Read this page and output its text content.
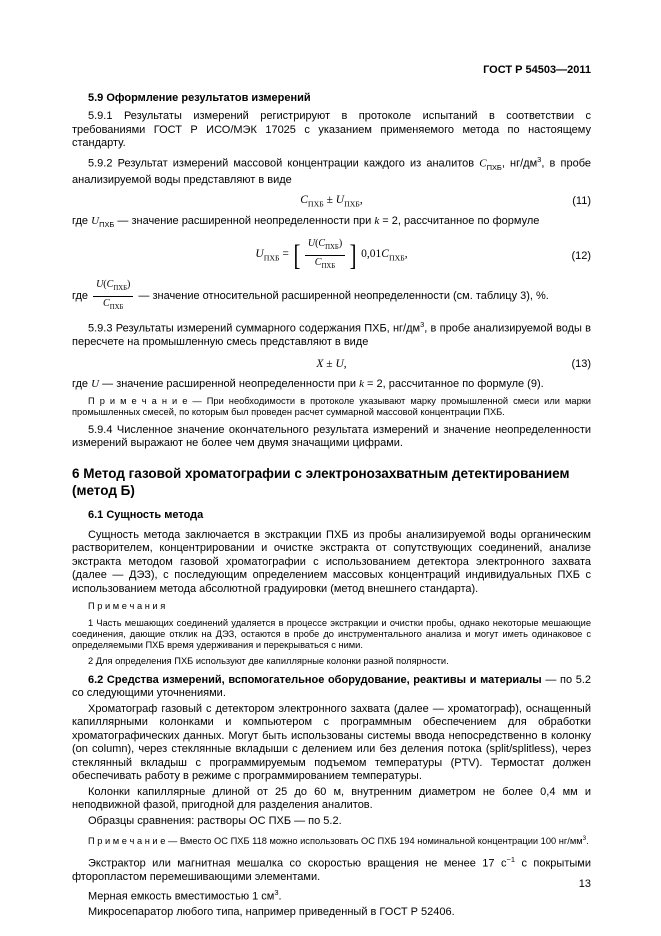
ГОСТ Р 54503—2011

5.9 Оформление результатов измерений

5.9.1 Результаты измерений регистрируют в протоколе испытаний в соответствии с требованиями ГОСТ Р ИСО/МЭК 17025 с указанием применяемого метода по настоящему стандарту.

5.9.2 Результат измерений массовой концентрации каждого из аналитов $С_{ПХБ}$, $нг/дм^3$, в пробе анализируемой воды представляют в виде

$С_{ПХБ} \pm U_{ПХБ}$,	(11)

где $U_{ПХБ}$ — значение расширенной неопределенности при k = 2, рассчитанное по формуле

$U_{ПХБ}$ = [ $\frac{U(С_{ПХБ})}{С_{ПХБ}}$ ] $0,01С_{ПХБ}$,	(12)

где $\frac{U(С_{ПХБ})}{С_{ПХБ}}$ — значение относительной расширенной неопределенности (см. таблицу 3), %.

5.9.3 Результаты измерений суммарного содержания ПХБ, $нг/дм^3$, в пробе анализируемой воды в пересчете на промышленную смесь представляют в виде

X ± U,	(13)

где U — значение расширенной неопределенности при k = 2, рассчитанное по формуле (9).

П р и м е ч а н и е — При необходимости в протоколе указывают марку промышленной смеси или марки промышленных смесей, по которым был проведен расчет суммарной массовой концентрации ПХБ.

5.9.4 Численное значение окончательного результата измерений и значение неопределенности измерений выражают не более чем двумя значащими цифрами.

6 Метод газовой хроматографии с электронозахватным детектированием (метод Б)

6.1 Сущность метода

Сущность метода заключается в экстракции ПХБ из пробы анализируемой воды органическим растворителем, концентрировании и очистке экстракта от сопутствующих соединений, анализе экстракта методом газовой хроматографии с использованием детектора электронного захвата (далее — ДЭЗ), с последующим определением массовых концентраций индивидуальных ПХБ с использованием метода абсолютной градуировки (метод внешнего стандарта).

П р и м е ч а н и я

1 Часть мешающих соединений удаляется в процессе экстракции и очистки пробы, однако некоторые мешающие соединения, дающие отклик на ДЭЗ, остаются в пробе до инструментального анализа и могут иметь одинаковое с определяемыми ПХБ время удерживания и перекрываться с ними.

2 Для определения ПХБ используют две капиллярные колонки разной полярности.

6.2 Средства измерений, вспомогательное оборудование, реактивы и материалы — по 5.2 со следующими уточнениями.

Хроматограф газовый с детектором электронного захвата (далее — хроматограф), оснащенный капиллярными колонками и компьютером с программным обеспечением для обработки хроматографических данных. Могут быть использованы системы ввода непосредственно в колонку (on column), через стеклянные вкладыши с делением или без деления потока (split/splitless), через стеклянный вкладыш с программируемым подъемом температуры (PTV). Термостат должен обеспечивать работу в режиме с программированием температуры.

Колонки капиллярные длиной от 25 до 60 м, внутренним диаметром не более 0,4 мм и неподвижной фазой, пригодной для разделения аналитов.

Образцы сравнения: растворы ОС ПХБ — по 5.2.

П р и м е ч а н и е — Вместо ОС ПХБ 118 можно использовать ОС ПХБ 194 номинальной концентрации 100 $нг/мм^3$.

Экстрактор или магнитная мешалка со скоростью вращения не менее 17 $с^{-1}$ с покрытыми фторопластом перемешивающими элементами.

Мерная емкость вместимостью 1 $см^3$.

Микросепаратор любого типа, например приведенный в ГОСТ Р 52406.

13
